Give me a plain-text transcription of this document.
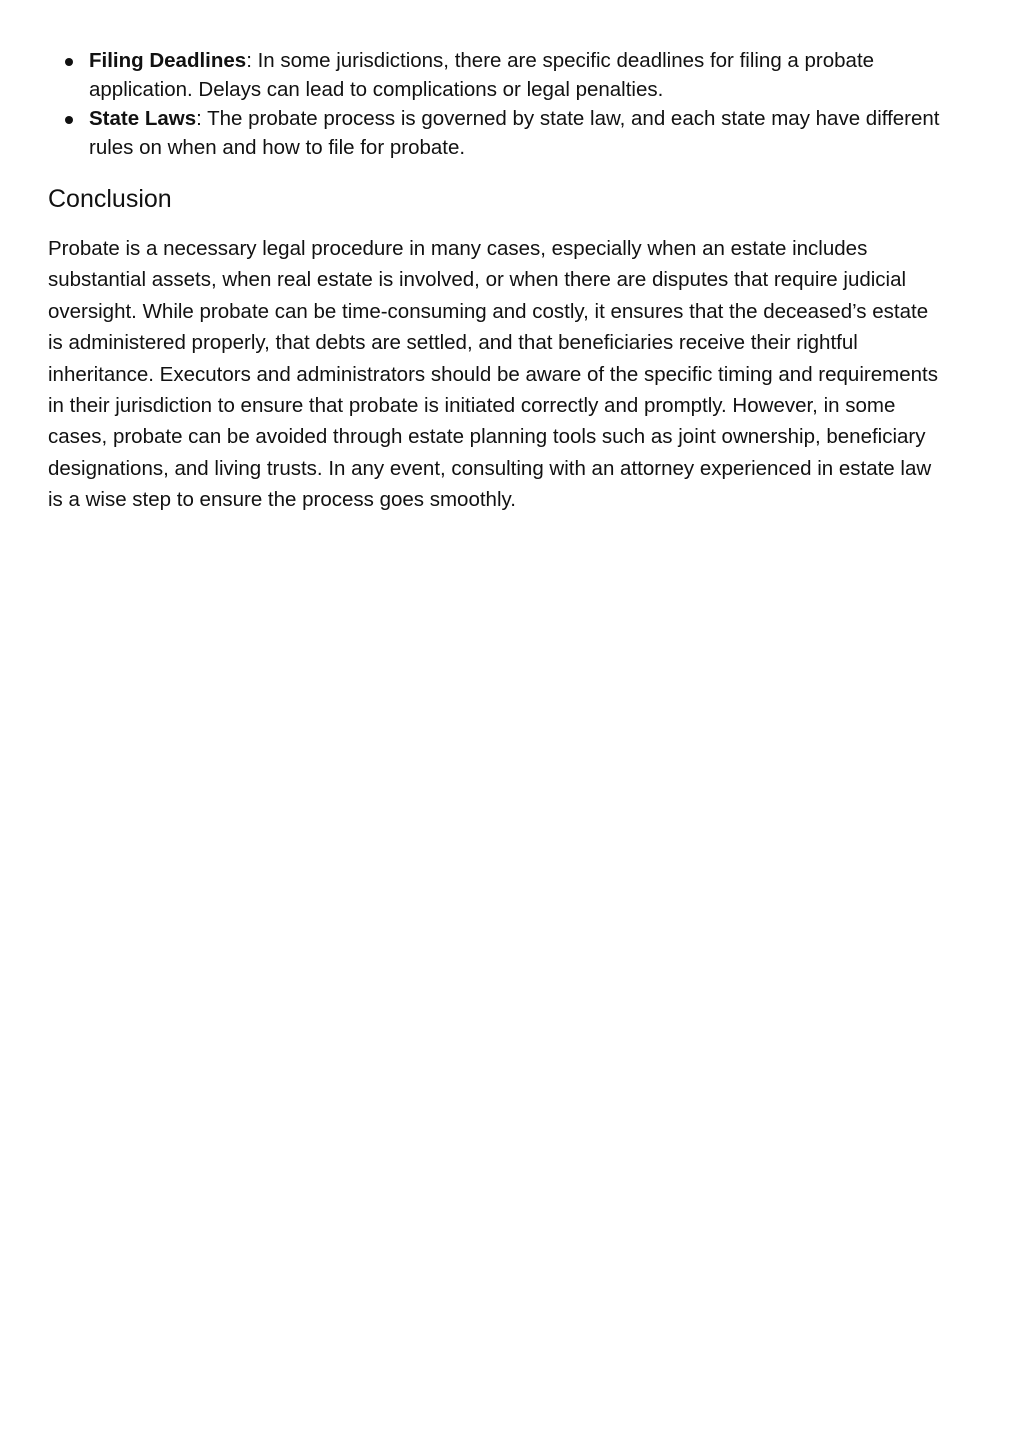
Filing Deadlines: In some jurisdictions, there are specific deadlines for filing a probate application. Delays can lead to complications or legal penalties.
State Laws: The probate process is governed by state law, and each state may have different rules on when and how to file for probate.
Conclusion

Probate is a necessary legal procedure in many cases, especially when an estate includes substantial assets, when real estate is involved, or when there are disputes that require judicial oversight. While probate can be time-consuming and costly, it ensures that the deceased’s estate is administered properly, that debts are settled, and that beneficiaries receive their rightful inheritance. Executors and administrators should be aware of the specific timing and requirements in their jurisdiction to ensure that probate is initiated correctly and promptly. However, in some cases, probate can be avoided through estate planning tools such as joint ownership, beneficiary designations, and living trusts. In any event, consulting with an attorney experienced in estate law is a wise step to ensure the process goes smoothly.
